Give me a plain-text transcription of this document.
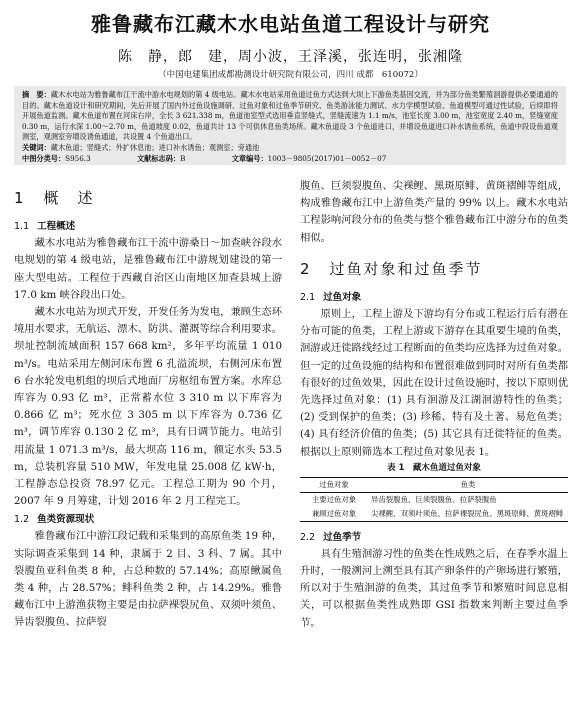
雅鲁藏布江藏木水电站鱼道工程设计与研究
陈　静，郎　建，周小波，王泽溪，张连明，张湘隆
（中国电建集团成都勘测设计研究院有限公司，四川 成都　610072）
摘　要：藏木水电站为雅鲁藏布江干流中游水电规划的第 4 级电站。藏木水电站采用鱼道过鱼方式达到大坝上下游鱼类基因交流，并为部分鱼类繁殖洄游提供必要通道的目的。藏木鱼道设计和研究期间，先后开展了国内外过鱼设施调研、过鱼对象和过鱼季节研究、鱼类游泳能力测试、水力学模型试验、鱼道模型可通过性试验，后续即将开展鱼道监测。藏木鱼道布置在河床右岸，全长 3 621.338 m，鱼道池室型式选用垂直竖缝式，竖缝流速为 1.1 m/s，池室长度 3.00 m，池室宽度 2.40 m，竖缝宽度 0.30 m，运行水深 1.00～2.70 m，鱼道坡度 0.02，鱼道共计 13 个可供休息鱼类场所。藏木鱼道设 3 个鱼道进口，并增设鱼道进口补水诱鱼系统，鱼道中段设鱼道观测室，观测室旁增设诱鱼通道，共设置 4 个鱼道出口。
关键词：藏木鱼道；竖缝式；外扩休息池；进口补水诱鱼；观测室；旁通池
中图分类号：S956.3	文献标志码：B	文章编号：1003－9805(2017)01－0052－07
1 概　述
1.1 工程概述

藏木水电站为雅鲁藏布江干流中游桑日～加查峡谷段水电规划的第 4 级电站，是雅鲁藏布江中游规划建设的第一座大型电站。工程位于西藏自治区山南地区加查县城上游 17.0 km 峡谷段出口处。

藏木水电站为坝式开发，开发任务为发电，兼顾生态环境用水要求，无航运、漂木、防洪、灌溉等综合利用要求。坝址控制流域面积 157 668 km²，多年平均流量 1 010 m³/s。电站采用左侧河床布置 6 孔溢流坝，右侧河床布置 6 台水轮发电机组的坝后式地面厂房枢纽布置方案。水库总库容为 0.93 亿 m³，正常蓄水位 3 310 m 以下库容为 0.866 亿 m³；死水位 3 305 m 以下库容为 0.736 亿 m³，调节库容 0.130 2 亿 m³，具有日调节能力。电站引用流量 1 071.3 m³/s，最大坝高 116 m，额定水头 53.5 m，总装机容量 510 MW，年发电量 25.008 亿 kW·h，工程静态总投资 78.97 亿元。工程总工期为 90 个月，2007 年 9 月筹建，计划 2016 年 2 月工程完工。

1.2 鱼类资源现状

雅鲁藏布江中游江段记载和采集到的高原鱼类 19 种，实际调查采集到 14 种，隶属于 2 目、3 科、7 属。其中裂腹鱼亚科鱼类 8 种，占总种数的 57.14%；高原鳅属鱼类 4 种，占 28.57%；鲱科鱼类 2 种，占 14.29%。雅鲁藏布江中上游渔获物主要是由拉萨裸裂尻鱼、双须叶须鱼、异齿裂腹鱼、拉萨裂

腹鱼、巨须裂腹鱼、尖裸鲤、黑斑原鲱、黄斑褶鲱等组成，构成雅鲁藏布江中上游鱼类产量的 99% 以上。藏木水电站工程影响河段分布的鱼类与整个雅鲁藏布江中游分布的鱼类相似。

2 过鱼对象和过鱼季节
2.1 过鱼对象

原则上，工程上游及下游均有分布或工程运行后有潜在分布可能的鱼类，工程上游或下游存在其重要生境的鱼类，洄游或迁徙路线经过工程断面的鱼类均应选择为过鱼对象。但一定的过鱼设施的结构和布置很难做到同时对所有鱼类都有很好的过鱼效果，因此在设计过鱼设施时，按以下原则优先选择过鱼对象：(1) 具有洄游及江湖洄游特性的鱼类；(2) 受到保护的鱼类；(3) 珍稀、特有及土著、易危鱼类；(4) 具有经济价值的鱼类；(5) 其它具有迁徙特征的鱼类。根据以上原则筛选本工程过鱼对象见表 1。

表 1　藏木鱼道过鱼对象
过鱼对象	鱼类
主要过鱼对象	异齿裂腹鱼、巨须裂腹鱼、拉萨裂腹鱼
兼顾过鱼对象	尖裸鲤、双须叶须鱼、拉萨裸裂尻鱼、黑斑原鲱、黄斑褶鲱
2.2 过鱼季节

具有生殖洄游习性的鱼类在性成熟之后，在春季水温上升时，一般溯河上溯至具有其产卵条件的产卵场进行繁殖，所以对于生殖洄游的鱼类，其过鱼季节和繁殖时间息息相关，可以根据鱼类性成熟即 GSI 指数来判断主要过鱼季节。
